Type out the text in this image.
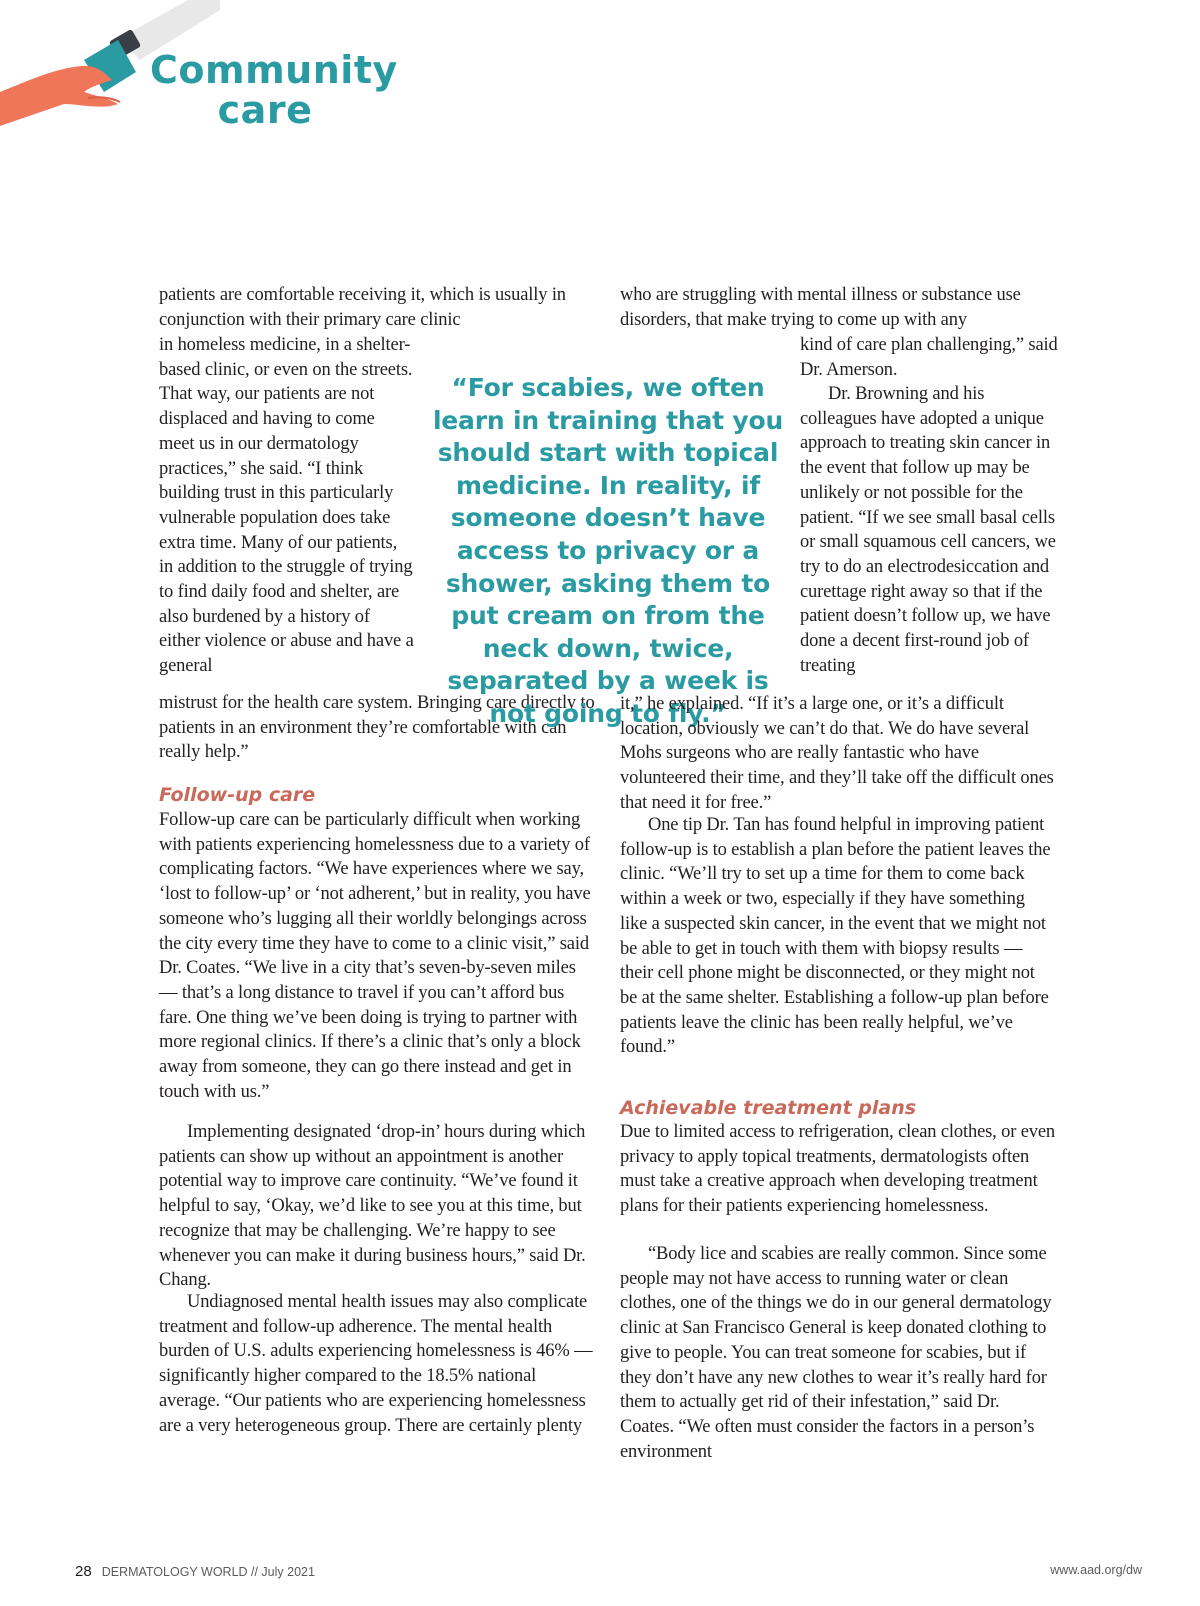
Community
care

patients are comfortable receiving it, which is usually in conjunction with their primary care clinic

in homeless medicine, in a shelter-based clinic, or even on the streets. That way, our patients are not displaced and having to come meet us in our dermatology practices,” she said. “I think building trust in this particularly vulnerable population does take extra time. Many of our patients, in addition to the struggle of trying to find daily food and shelter, are also burdened by a history of either violence or abuse and have a general

mistrust for the health care system. Bringing care directly to patients in an environment they’re comfortable with can really help.”

Follow-up care

Follow-up care can be particularly difficult when working with patients experiencing homelessness due to a variety of complicating factors. “We have experiences where we say, ‘lost to follow-up’ or ‘not adherent,’ but in reality, you have someone who’s lugging all their worldly belongings across the city every time they have to come to a clinic visit,” said Dr. Coates. “We live in a city that’s seven-by-seven miles — that’s a long distance to travel if you can’t afford bus fare. One thing we’ve been doing is trying to partner with more regional clinics. If there’s a clinic that’s only a block away from someone, they can go there instead and get in touch with us.”

Implementing designated ‘drop-in’ hours during which patients can show up without an appointment is another potential way to improve care continuity. “We’ve found it helpful to say, ‘Okay, we’d like to see you at this time, but recognize that may be challenging. We’re happy to see whenever you can make it during business hours,” said Dr. Chang.

Undiagnosed mental health issues may also complicate treatment and follow-up adherence. The mental health burden of U.S. adults experiencing homelessness is 46% — significantly higher compared to the 18.5% national average. “Our patients who are experiencing homelessness are a very heterogeneous group. There are certainly plenty

“For scabies, we often learn in training that you should start with topical medicine. In reality, if someone doesn’t have access to privacy or a shower, asking them to put cream on from the neck down, twice, separated by a week is not going to fly.”

who are struggling with mental illness or substance use disorders, that make trying to come up with any

kind of care plan challenging,” said Dr. Amerson.

Dr. Browning and his colleagues have adopted a unique approach to treating skin cancer in the event that follow up may be unlikely or not possible for the patient. “If we see small basal cells or small squamous cell cancers, we try to do an electrodesiccation and curettage right away so that if the patient doesn’t follow up, we have done a decent first-round job of treating

it,” he explained. “If it’s a large one, or it’s a difficult location, obviously we can’t do that. We do have several Mohs surgeons who are really fantastic who have volunteered their time, and they’ll take off the difficult ones that need it for free.”

One tip Dr. Tan has found helpful in improving patient follow-up is to establish a plan before the patient leaves the clinic. “We’ll try to set up a time for them to come back within a week or two, especially if they have something like a suspected skin cancer, in the event that we might not be able to get in touch with them with biopsy results — their cell phone might be disconnected, or they might not be at the same shelter. Establishing a follow-up plan before patients leave the clinic has been really helpful, we’ve found.”

Achievable treatment plans

Due to limited access to refrigeration, clean clothes, or even privacy to apply topical treatments, dermatologists often must take a creative approach when developing treatment plans for their patients experiencing homelessness.

“Body lice and scabies are really common. Since some people may not have access to running water or clean clothes, one of the things we do in our general dermatology clinic at San Francisco General is keep donated clothing to give to people. You can treat someone for scabies, but if they don’t have any new clothes to wear it’s really hard for them to actually get rid of their infestation,” said Dr. Coates. “We often must consider the factors in a person’s environment

28 DERMATOLOGY WORLD // July 2021	www.aad.org/dw
